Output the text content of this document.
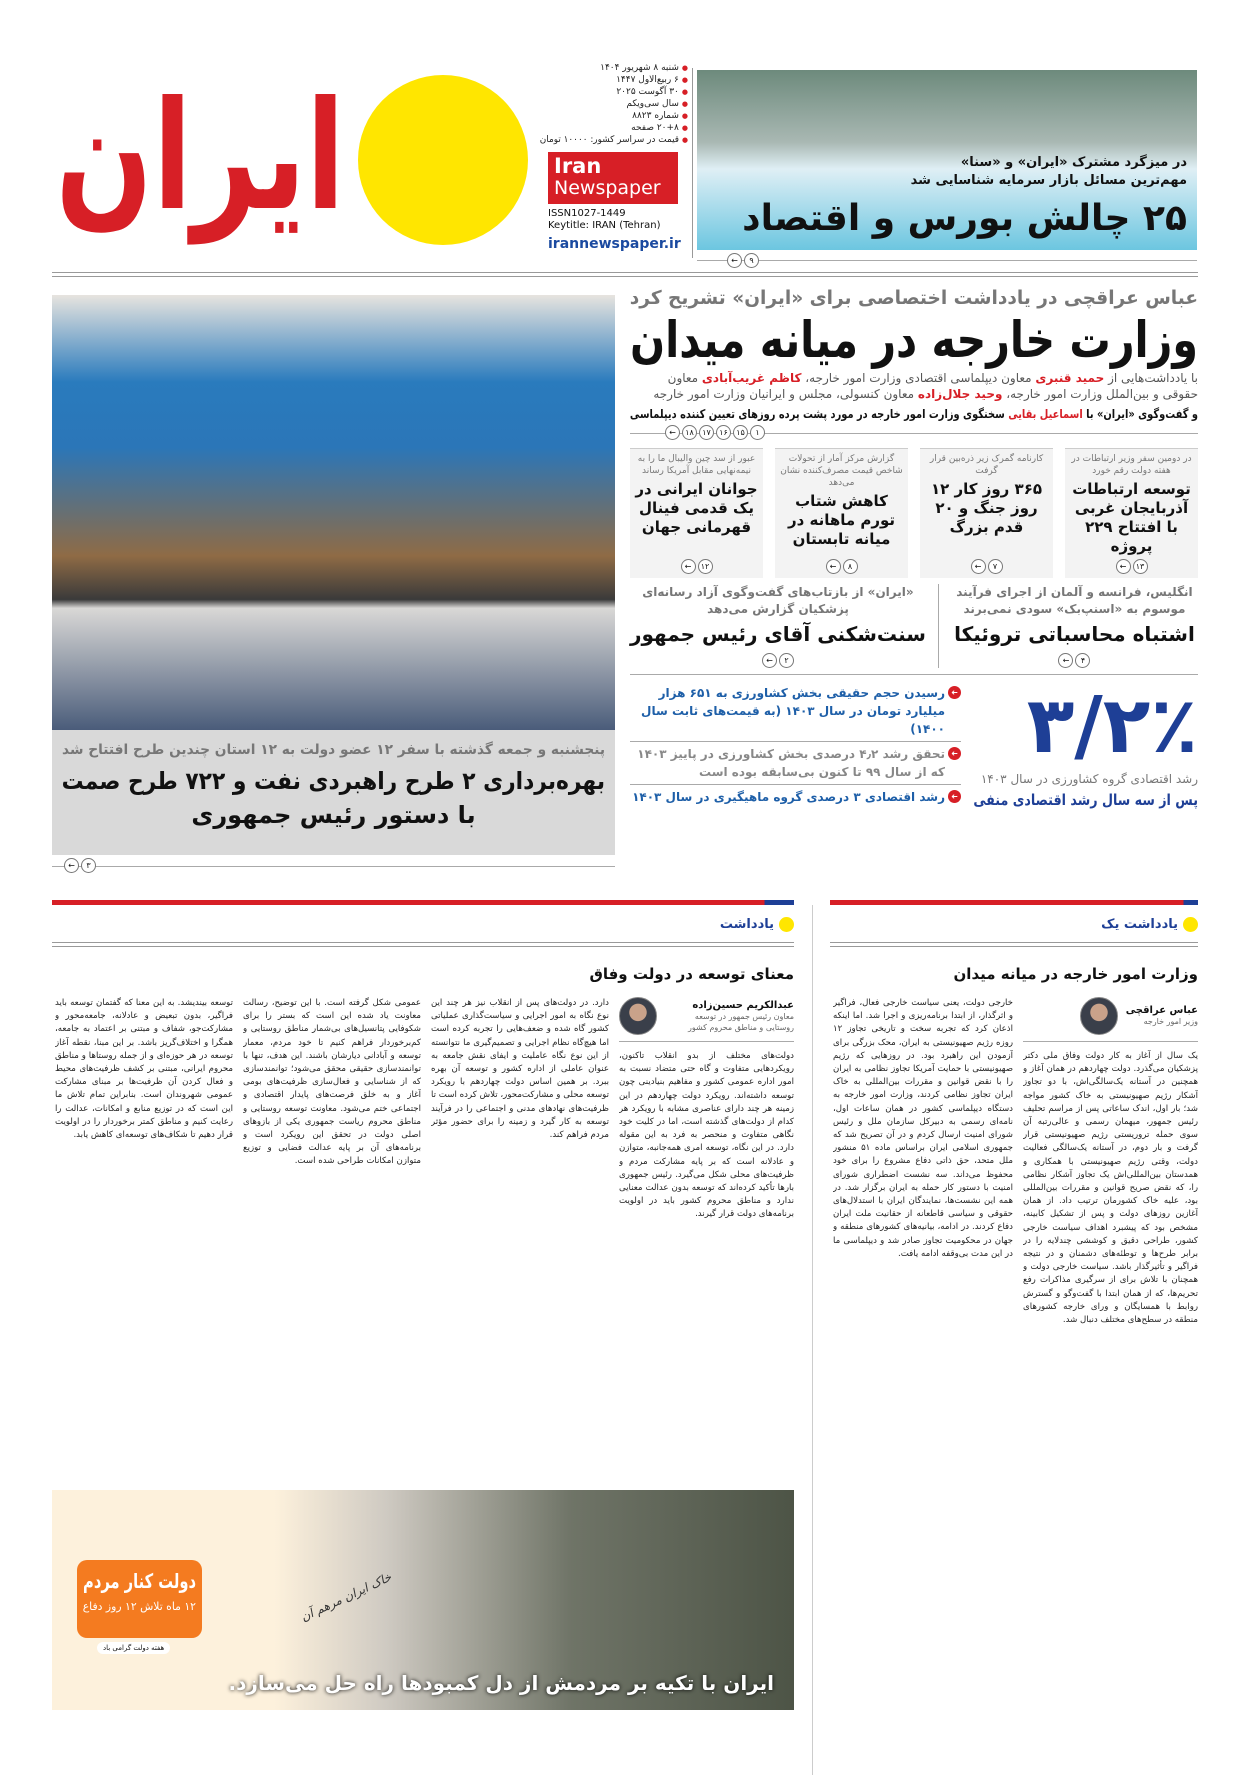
ایران
● شنبه ۸ شهریور ۱۴۰۴
● ۶ ربیع‌الاول ۱۴۴۷
● ۳۰ آگوست ۲۰۲۵
● سال سی‌ویکم
● شماره ۸۸۲۳
● ۲۰+۸ صفحه
● قیمت در سراسر کشور: ۱۰۰۰۰ تومان
Iran
Newspaper
ISSN1027-1449
Keytitle: IRAN (Tehran)
irannewspaper.ir
در میزگرد مشترک «ایران» و «سنا»
مهم‌ترین مسائل بازار سرمایه شناسایی شد
۲۵ چالش بورس و اقتصاد
۹
←
عباس عراقچی در یادداشت اختصاصی برای «ایران» تشریح کرد
وزارت خارجه در میانه میدان
با یادداشت‌هایی از حمید قنبری معاون دیپلماسی اقتصادی وزارت امور خارجه، کاظم غریب‌آبادی معاون حقوقی و بین‌الملل وزارت امور خارجه، وحید جلال‌زاده معاون کنسولی، مجلس و ایرانیان وزارت امور خارجه
و گفت‌وگوی «ایران» با اسماعیل بقایی سخنگوی وزارت امور خارجه در مورد پشت پرده روزهای تعیین کننده دیپلماسی
۱
۱۵
۱۶
۱۷
۱۸
←
در دومین سفر وزیر ارتباطات در هفته دولت رقم خورد
توسعه ارتباطات آذربایجان غربی با افتتاح ۲۲۹ پروژه
۱۳
←
کارنامه گمرک زیر ذره‌بین قرار گرفت
۳۶۵ روز کار ۱۲ روز جنگ و ۲۰ قدم بزرگ
۷
←
گزارش مرکز آمار از تحولات شاخص قیمت مصرف‌کننده نشان می‌دهد
کاهش شتاب تورم ماهانه در میانه تابستان
۸
←
عبور از سد چین والیبال ما را به نیمه‌نهایی مقابل آمریکا رساند
جوانان ایرانی در یک قدمی فینال قهرمانی جهان
۱۲
←
انگلیس، فرانسه و آلمان از اجرای فرآیند موسوم به «اسنپ‌بک» سودی نمی‌برند
اشتباه محاسباتی تروئیکا
۴
←
«ایران» از بازتاب‌های گفت‌وگوی آزاد رسانه‌ای پزشکیان گزارش می‌دهد
سنت‌شکنی آقای رئیس جمهور
۲
←
۳/۲٪
رشد اقتصادی گروه کشاورزی در سال ۱۴۰۳
پس از سه سال رشد اقتصادی منفی
➜ رسیدن حجم حقیقی بخش کشاورزی به ۶۵۱ هزار میلیارد تومان در سال ۱۴۰۳ (به قیمت‌های ثابت سال ۱۴۰۰)
➜ تحقق رشد ۴٫۲ درصدی بخش کشاورزی در پاییز ۱۴۰۳ که از سال ۹۹ تا کنون بی‌سابقه بوده است
➜ رشد اقتصادی ۳ درصدی گروه ماهیگیری در سال ۱۴۰۳
پنجشنبه و جمعه گذشته با سفر ۱۲ عضو دولت به ۱۲ استان چندین طرح افتتاح شد
بهره‌برداری ۲ طرح راهبردی نفت و ۷۲۲ طرح صمت
با دستور رئیس جمهوری
۳
←
یادداشت یک
وزارت امور خارجه در میانه میدان
عباس عراقچی
وزیر امور خارجه
یک سال از آغاز به کار دولت وفاق ملی دکتر پزشکیان می‌گذرد. دولت چهاردهم در همان آغاز و همچنین در آستانه یک‌سالگی‌اش، با دو تجاوز آشکار رژیم صهیونیستی به خاک کشور مواجه شد؛ بار اول، اندک ساعاتی پس از مراسم تحلیف رئیس جمهور، میهمان رسمی و عالی‌رتبه آن سوی حمله تروریستی رژیم صهیونیستی قرار گرفت و بار دوم، در آستانه یک‌سالگی فعالیت دولت، وقتی رژیم صهیونیستی با همکاری و همدستان بین‌المللی‌اش یک تجاوز آشکار نظامی را، که نقض صریح قوانین و مقررات بین‌المللی بود، علیه خاک کشورمان ترتیب داد. از همان آغازین روزهای دولت و پس از تشکیل کابینه، مشخص بود که پیشبرد اهداف سیاست خارجی کشور، طراحی دقیق و کوششی چندلایه را در برابر طرح‌ها و توطئه‌های دشمنان و در نتیجه فراگیر و تأثیرگذار باشد. سیاست خارجی دولت و همچنان با تلاش برای از سرگیری مذاکرات رفع تحریم‌ها، که از همان ابتدا با گفت‌وگو و گسترش روابط با همسایگان و ورای خارجه کشورهای منطقه در سطح‌های مختلف دنبال شد.
خارجی دولت، یعنی سیاست خارجی فعال، فراگیر و اثرگذار، از ابتدا برنامه‌ریزی و اجرا شد. اما اینکه اذعان کرد که تجربه سخت و تاریخی تجاوز ۱۲ روزه رژیم صهیونیستی به ایران، محک بزرگی برای آزمودن این راهبرد بود. در روزهایی که رژیم صهیونیستی با حمایت آمریکا تجاوز نظامی به ایران را با نقض قوانین و مقررات بین‌المللی به خاک ایران تجاوز نظامی کردند، وزارت امور خارجه به دستگاه دیپلماسی کشور در همان ساعات اول، نامه‌ای رسمی به دبیرکل سازمان ملل و رئیس شورای امنیت ارسال کردم و در آن تصریح شد که جمهوری اسلامی ایران براساس ماده ۵۱ منشور ملل متحد، حق ذاتی دفاع مشروع را برای خود محفوظ می‌داند. سه نشست اضطراری شورای امنیت با دستور کار حمله به ایران برگزار شد. در همه این نشست‌ها، نمایندگان ایران با استدلال‌های حقوقی و سیاسی قاطعانه از حقانیت ملت ایران دفاع کردند. در ادامه، بیانیه‌های کشورهای منطقه و جهان در محکومیت تجاوز صادر شد و دیپلماسی ما در این مدت بی‌وقفه ادامه یافت.
یادداشت
معنای توسعه در دولت وفاق
عبدالکریم حسین‌زاده
معاون رئیس جمهور در توسعه روستایی و مناطق محروم کشور
دولت‌های مختلف از بدو انقلاب تاکنون، رویکردهایی متفاوت و گاه حتی متضاد نسبت به امور اداره عمومی کشور و مفاهیم بنیادینی چون توسعه داشته‌اند. رویکرد دولت چهاردهم در این زمینه هر چند دارای عناصری مشابه با رویکرد هر کدام از دولت‌های گذشته است، اما در کلیت خود نگاهی متفاوت و منحصر به فرد به این مقوله دارد. در این نگاه، توسعه امری همه‌جانبه، متوازن و عادلانه است که بر پایه مشارکت مردم و ظرفیت‌های محلی شکل می‌گیرد. رئیس جمهوری بارها تأکید کرده‌اند که توسعه بدون عدالت معنایی ندارد و مناطق محروم کشور باید در اولویت برنامه‌های دولت قرار گیرند.
دارد. در دولت‌های پس از انقلاب نیز هر چند این نوع نگاه به امور اجرایی و سیاست‌گذاری عملیاتی کشور گاه شده و ضعف‌هایی را تجربه کرده است اما هیچ‌گاه نظام اجرایی و تصمیم‌گیری ما نتوانسته از این نوع نگاه عاملیت و ایفای نقش جامعه به عنوان عاملی از اداره کشور و توسعه آن بهره ببرد. بر همین اساس دولت چهاردهم با رویکرد توسعه محلی و مشارکت‌محور، تلاش کرده است تا ظرفیت‌های نهادهای مدنی و اجتماعی را در فرآیند توسعه به کار گیرد و زمینه را برای حضور مؤثر مردم فراهم کند.
عمومی شکل گرفته است. با این توضیح، رسالت معاونت یاد شده این است که بستر را برای شکوفایی پتانسیل‌های بی‌شمار مناطق روستایی و کم‌برخوردار فراهم کنیم تا خود مردم، معمار توسعه و آبادانی دیارشان باشند. این هدف، تنها با توانمندسازی حقیقی محقق می‌شود؛ توانمندسازی که از شناسایی و فعال‌سازی ظرفیت‌های بومی آغاز و به خلق فرصت‌های پایدار اقتصادی و اجتماعی ختم می‌شود. معاونت توسعه روستایی و مناطق محروم ریاست جمهوری یکی از بازوهای اصلی دولت در تحقق این رویکرد است و برنامه‌های آن بر پایه عدالت فضایی و توزیع متوازن امکانات طراحی شده است.
توسعه بیندیشد. به این معنا که گفتمان توسعه باید فراگیر، بدون تبعیض و عادلانه، جامعه‌محور و مشارکت‌جو، شفاف و مبتنی بر اعتماد به جامعه، همگرا و اختلاف‌گریز باشد. بر این مبنا، نقطه آغاز توسعه در هر حوزه‌ای و از جمله روستاها و مناطق محروم ایرانی، مبتنی بر کشف ظرفیت‌های محیط و فعال کردن آن ظرفیت‌ها بر مبنای مشارکت عمومی شهروندان است. بنابراین تمام تلاش ما این است که در توزیع منابع و امکانات، عدالت را رعایت کنیم و مناطق کمتر برخوردار را در اولویت قرار دهیم تا شکاف‌های توسعه‌ای کاهش یابد.
دولت کنار مردم
۱۲ ماه تلاش ۱۲ روز دفاع
هفته دولت گرامی باد
خاک ایران مرهم آن
ایران با تکیه بر مردمش از دل کمبودها راه حل می‌سازد.
